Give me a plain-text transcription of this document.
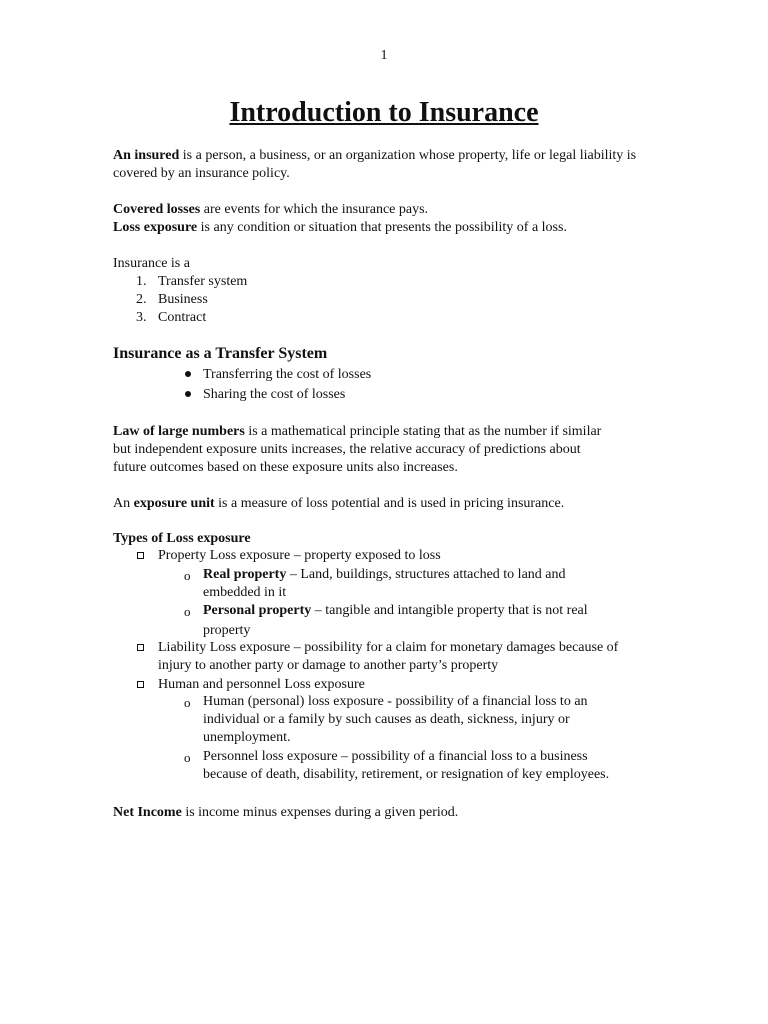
1
Introduction to Insurance

An insured is a person, a business, or an organization whose property, life or legal liability is covered by an insurance policy.

Covered losses are events for which the insurance pays.

Loss exposure is any condition or situation that presents the possibility of a loss.

Insurance is a

1. Transfer system
2. Business
3. Contract
Insurance as a Transfer System
Transferring the cost of losses
Sharing the cost of losses
Law of large numbers is a mathematical principle stating that as the number if similar
but independent exposure units increases, the relative accuracy of predictions about
future outcomes based on these exposure units also increases.
An exposure unit is a measure of loss potential and is used in pricing insurance.
Types of Loss exposure
Property Loss exposure – property exposed to loss
o Real property – Land, buildings, structures attached to land and
embedded in it
o Personal property – tangible and intangible property that is not real
property
Liability Loss exposure – possibility for a claim for monetary damages because of
injury to another party or damage to another party’s property
Human and personnel Loss exposure
o Human (personal) loss exposure - possibility of a financial loss to an
individual or a family by such causes as death, sickness, injury or
unemployment.
o Personnel loss exposure – possibility of a financial loss to a business
because of death, disability, retirement, or resignation of key employees.
Net Income is income minus expenses during a given period.
